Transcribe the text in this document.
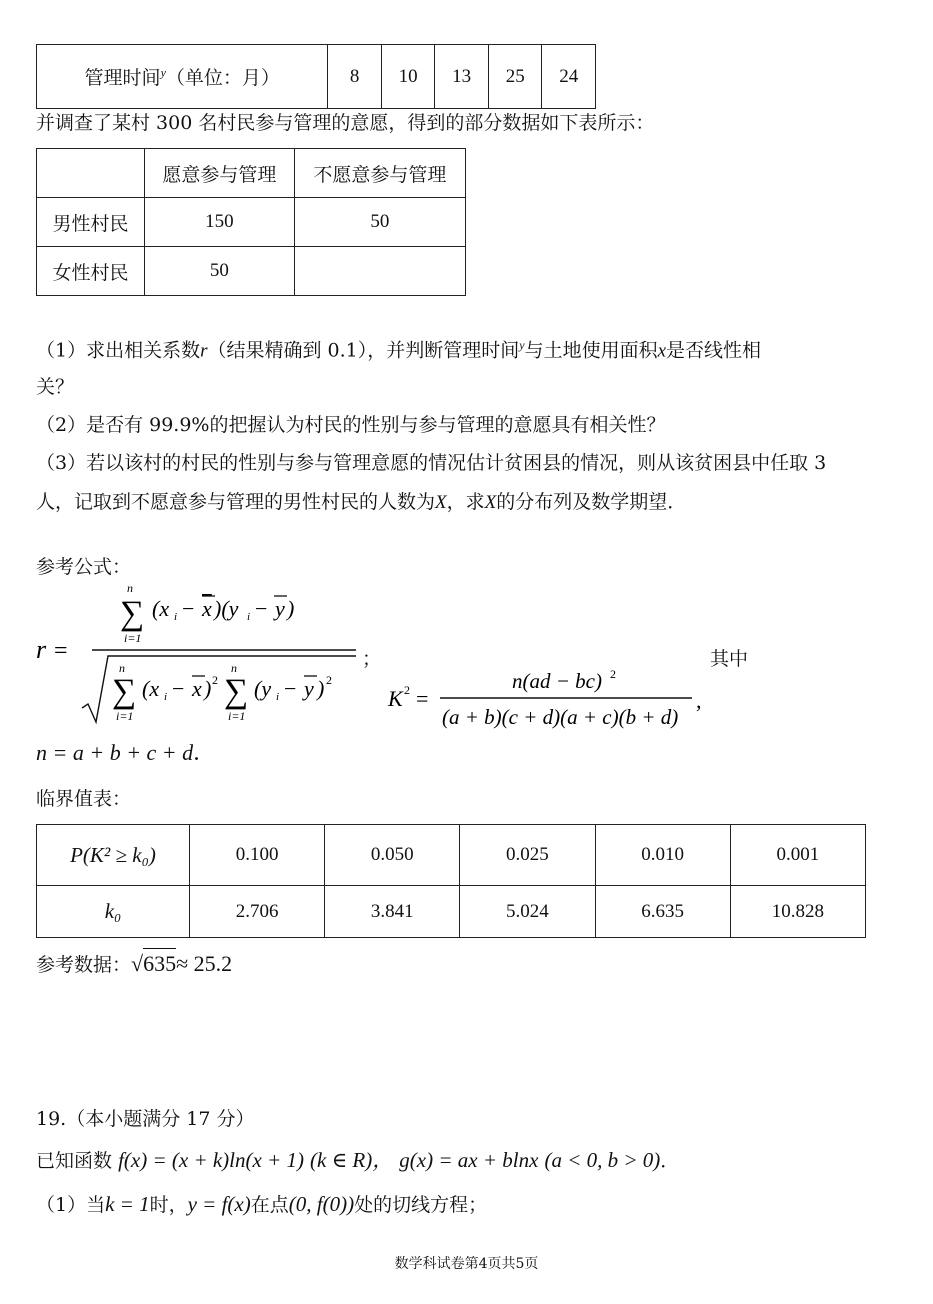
管理时间$^y$（单位：月）	8	10	13	25	24
并调查了某村 300 名村民参与管理的意愿，得到的部分数据如下表所示：
	愿意参与管理	不愿意参与管理
男性村民	150	50
女性村民	50	
（1）求出相关系数r（结果精确到 0.1），并判断管理时间$^y$与土地使用面积x是否线性相
关？
（2）是否有 99.9%的把握认为村民的性别与参与管理的意愿具有相关性？
（3）若以该村的村民的性别与参与管理意愿的情况估计贫困县的情况，则从该贫困县中任取 3
人，记取到不愿意参与管理的男性村民的人数为X，求X的分布列及数学期望．
参考公式：
r =
∑
n
i=1
(x i − x )(y i − y )
∑
n
i=1
(x i − x ) 2 ∑
n
i=1
(y i − y ) 2
；	其中
K 2 =
n(ad − bc) 2
(a + b)(c + d)(a + c)(b + d)
,
n = a + b + c + d．
临界值表：
P(K² ≥ k₀)	0.100	0.050	0.025	0.010	0.001
k₀	2.706	3.841	5.024	6.635	10.828
参考数据：√635≈ 25.2
19.（本小题满分 17 分）
已知函数 f(x) = (x + k)ln(x + 1) (k ∈ R)， g(x) = ax + blnx (a < 0, b > 0)．
（1）当k = 1时，y = f(x)在点(0, f(0))处的切线方程；
数学科试卷第4页共5页
